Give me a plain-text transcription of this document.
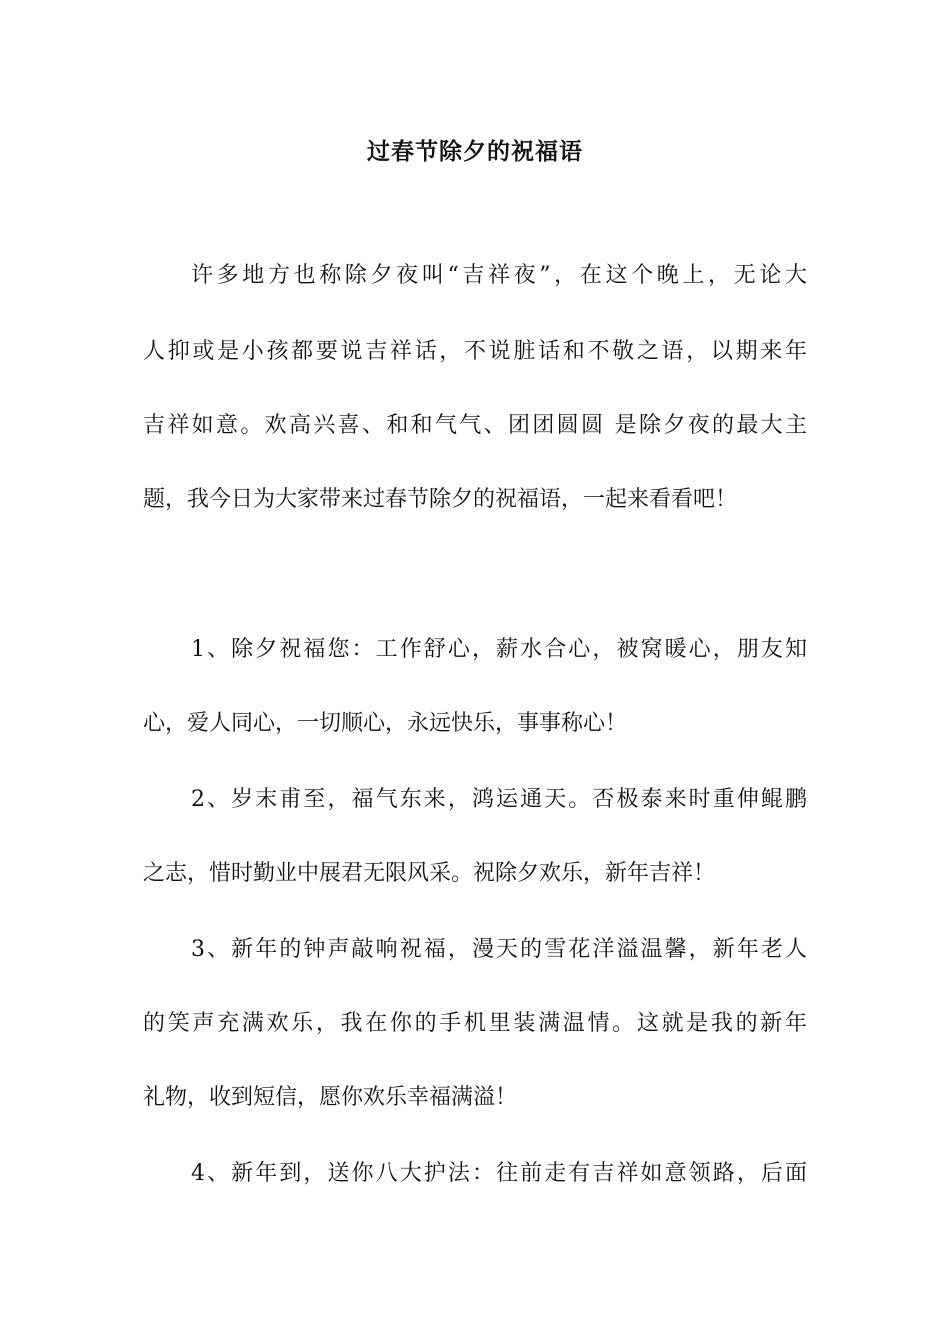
过春节除夕的祝福语
许多地方也称除夕夜叫“吉祥夜”，在这个晚上，无论大
人抑或是小孩都要说吉祥话，不说脏话和不敬之语，以期来年
吉祥如意。欢高兴喜、和和气气、团团圆圆 是除夕夜的最大主
题，我今日为大家带来过春节除夕的祝福语，一起来看看吧！
1、除夕祝福您：工作舒心，薪水合心，被窝暖心，朋友知
心，爱人同心，一切顺心，永远快乐，事事称心！
2、岁末甫至，福气东来，鸿运通天。否极泰来时重伸鲲鹏
之志，惜时勤业中展君无限风采。祝除夕欢乐，新年吉祥！
3、新年的钟声敲响祝福，漫天的雪花洋溢温馨，新年老人
的笑声充满欢乐，我在你的手机里装满温情。这就是我的新年
礼物，收到短信，愿你欢乐幸福满溢！
4、新年到，送你八大护法：往前走有吉祥如意领路，后面
